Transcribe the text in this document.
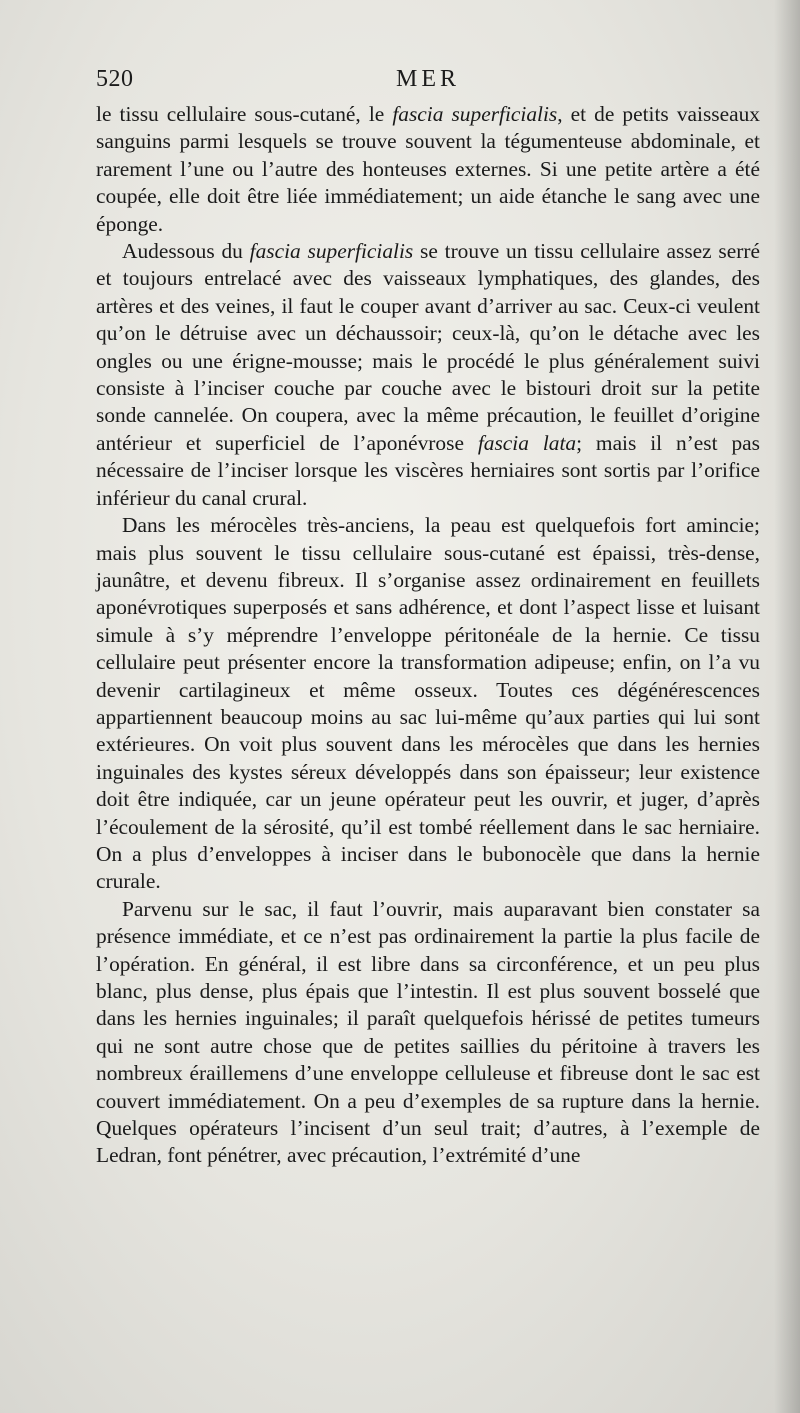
520	MER

le tissu cellulaire sous-cutané, le fascia superficialis, et de petits vaisseaux sanguins parmi lesquels se trouve souvent la tégumenteuse abdominale, et rarement l’une ou l’autre des honteuses externes. Si une petite artère a été coupée, elle doit être liée immédiatement; un aide étanche le sang avec une éponge.

Audessous du fascia superficialis se trouve un tissu cellulaire assez serré et toujours entrelacé avec des vaisseaux lymphatiques, des glandes, des artères et des veines, il faut le couper avant d’arriver au sac. Ceux-ci veulent qu’on le détruise avec un déchaussoir; ceux-là, qu’on le détache avec les ongles ou une érigne-mousse; mais le procédé le plus généralement suivi consiste à l’inciser couche par couche avec le bistouri droit sur la petite sonde cannelée. On coupera, avec la même précaution, le feuillet d’origine antérieur et superficiel de l’aponévrose fascia lata; mais il n’est pas nécessaire de l’inciser lorsque les viscères herniaires sont sortis par l’orifice inférieur du canal crural.

Dans les mérocèles très-anciens, la peau est quelquefois fort amincie; mais plus souvent le tissu cellulaire sous-cutané est épaissi, très-dense, jaunâtre, et devenu fibreux. Il s’organise assez ordinairement en feuillets aponévrotiques superposés et sans adhérence, et dont l’aspect lisse et luisant simule à s’y méprendre l’enveloppe péritonéale de la hernie. Ce tissu cellulaire peut présenter encore la transformation adipeuse; enfin, on l’a vu devenir cartilagineux et même osseux. Toutes ces dégénérescences appartiennent beaucoup moins au sac lui-même qu’aux parties qui lui sont extérieures. On voit plus souvent dans les mérocèles que dans les hernies inguinales des kystes séreux développés dans son épaisseur; leur existence doit être indiquée, car un jeune opérateur peut les ouvrir, et juger, d’après l’écoulement de la sérosité, qu’il est tombé réellement dans le sac herniaire. On a plus d’enveloppes à inciser dans le bubonocèle que dans la hernie crurale.

Parvenu sur le sac, il faut l’ouvrir, mais auparavant bien constater sa présence immédiate, et ce n’est pas ordinairement la partie la plus facile de l’opération. En général, il est libre dans sa circonférence, et un peu plus blanc, plus dense, plus épais que l’intestin. Il est plus souvent bosselé que dans les hernies inguinales; il paraît quelquefois hérissé de petites tumeurs qui ne sont autre chose que de petites saillies du péritoine à travers les nombreux éraillemens d’une enveloppe celluleuse et fibreuse dont le sac est couvert immédiatement. On a peu d’exemples de sa rupture dans la hernie. Quelques opérateurs l’incisent d’un seul trait; d’autres, à l’exemple de Ledran, font pénétrer, avec précaution, l’extrémité d’une
